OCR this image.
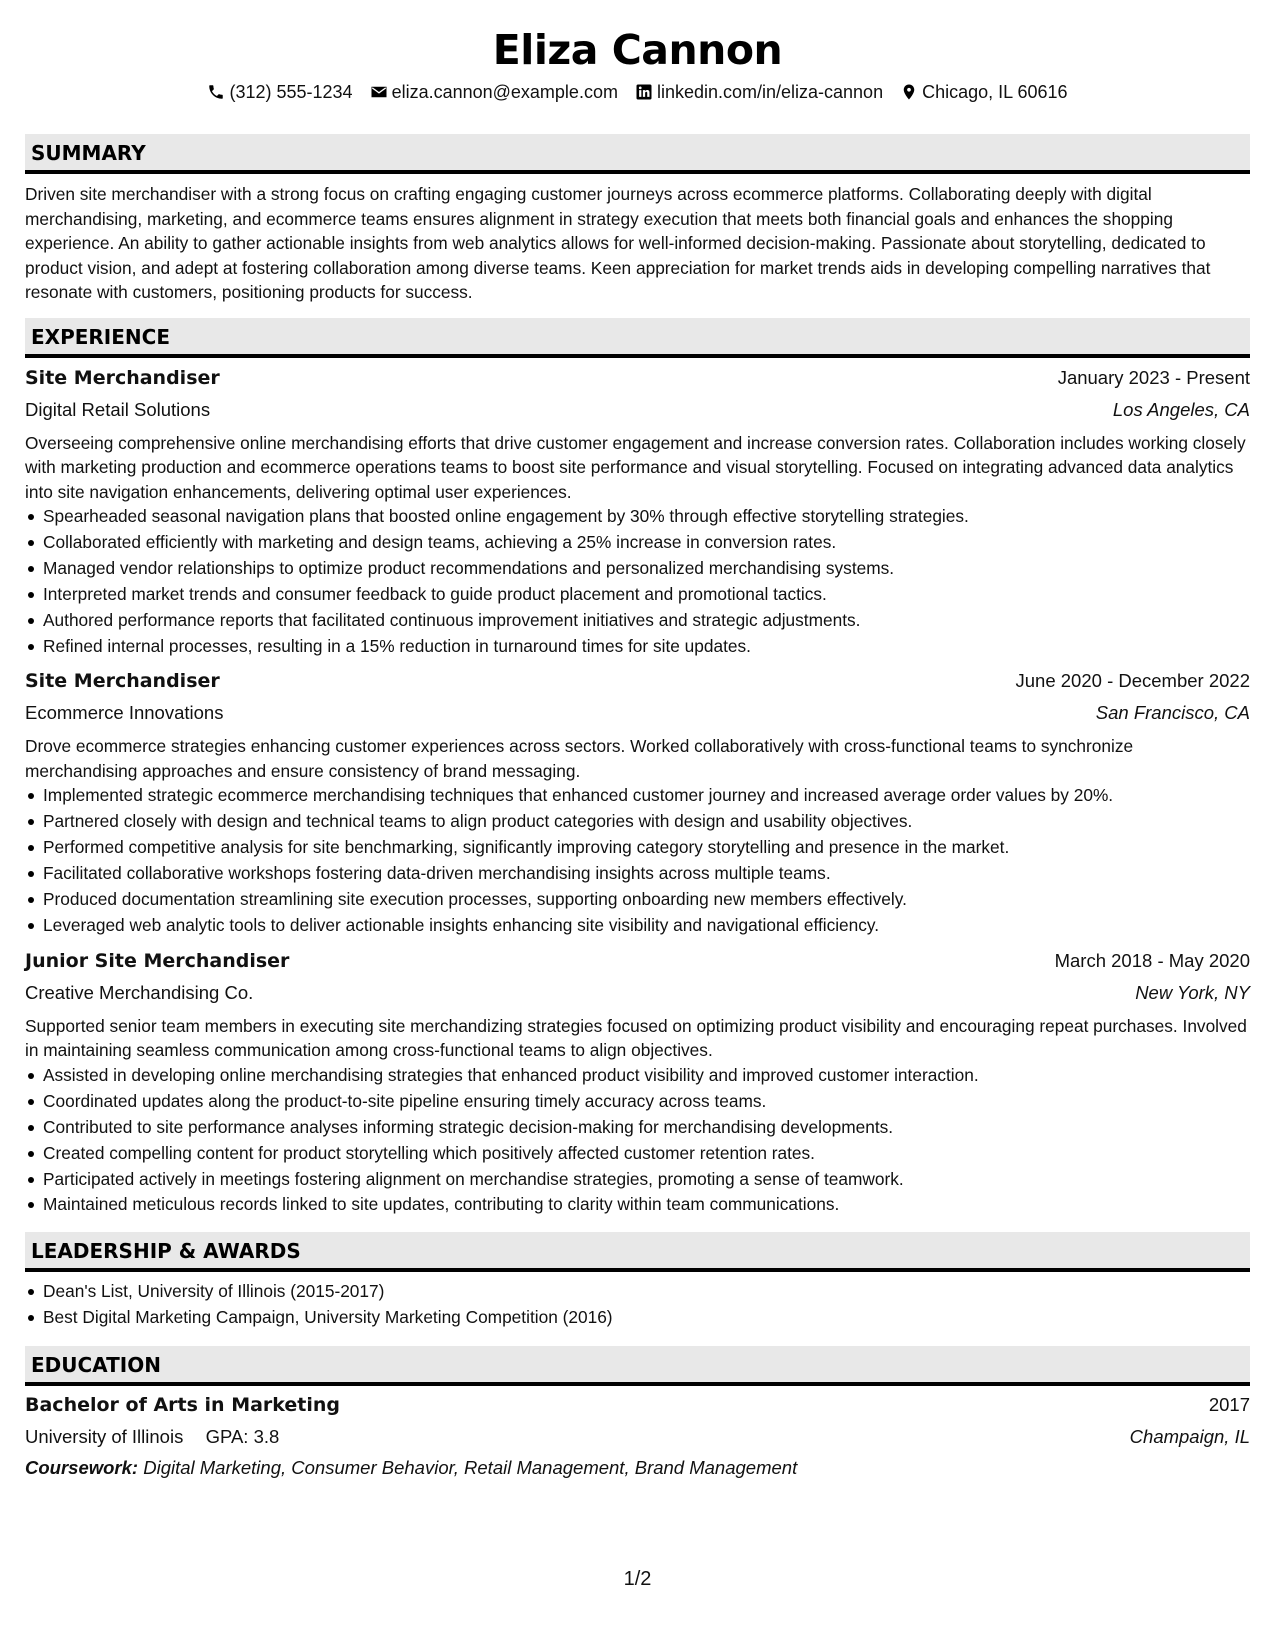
Eliza Cannon
(312) 555-1234 eliza.cannon@example.com linkedin.com/in/eliza-cannon Chicago, IL 60616
SUMMARY

Driven site merchandiser with a strong focus on crafting engaging customer journeys across ecommerce platforms. Collaborating deeply with digital merchandising, marketing, and ecommerce teams ensures alignment in strategy execution that meets both financial goals and enhances the shopping experience. An ability to gather actionable insights from web analytics allows for well-informed decision-making. Passionate about storytelling, dedicated to product vision, and adept at fostering collaboration among diverse teams. Keen appreciation for market trends aids in developing compelling narratives that resonate with customers, positioning products for success.

EXPERIENCE
Site Merchandiser	January 2023 - Present
Digital Retail Solutions	Los Angeles, CA

Overseeing comprehensive online merchandising efforts that drive customer engagement and increase conversion rates. Collaboration includes working closely with marketing production and ecommerce operations teams to boost site performance and visual storytelling. Focused on integrating advanced data analytics into site navigation enhancements, delivering optimal user experiences.

Spearheaded seasonal navigation plans that boosted online engagement by 30% through effective storytelling strategies.
Collaborated efficiently with marketing and design teams, achieving a 25% increase in conversion rates.
Managed vendor relationships to optimize product recommendations and personalized merchandising systems.
Interpreted market trends and consumer feedback to guide product placement and promotional tactics.
Authored performance reports that facilitated continuous improvement initiatives and strategic adjustments.
Refined internal processes, resulting in a 15% reduction in turnaround times for site updates.
Site Merchandiser	June 2020 - December 2022
Ecommerce Innovations	San Francisco, CA

Drove ecommerce strategies enhancing customer experiences across sectors. Worked collaboratively with cross-functional teams to synchronize merchandising approaches and ensure consistency of brand messaging.

Implemented strategic ecommerce merchandising techniques that enhanced customer journey and increased average order values by 20%.
Partnered closely with design and technical teams to align product categories with design and usability objectives.
Performed competitive analysis for site benchmarking, significantly improving category storytelling and presence in the market.
Facilitated collaborative workshops fostering data-driven merchandising insights across multiple teams.
Produced documentation streamlining site execution processes, supporting onboarding new members effectively.
Leveraged web analytic tools to deliver actionable insights enhancing site visibility and navigational efficiency.
Junior Site Merchandiser	March 2018 - May 2020
Creative Merchandising Co.	New York, NY

Supported senior team members in executing site merchandizing strategies focused on optimizing product visibility and encouraging repeat purchases. Involved in maintaining seamless communication among cross-functional teams to align objectives.

Assisted in developing online merchandising strategies that enhanced product visibility and improved customer interaction.
Coordinated updates along the product-to-site pipeline ensuring timely accuracy across teams.
Contributed to site performance analyses informing strategic decision-making for merchandising developments.
Created compelling content for product storytelling which positively affected customer retention rates.
Participated actively in meetings fostering alignment on merchandise strategies, promoting a sense of teamwork.
Maintained meticulous records linked to site updates, contributing to clarity within team communications.
LEADERSHIP & AWARDS
Dean's List, University of Illinois (2015-2017)
Best Digital Marketing Campaign, University Marketing Competition (2016)
EDUCATION
Bachelor of Arts in Marketing	2017
University of Illinois GPA: 3.8	Champaign, IL
Coursework: Digital Marketing, Consumer Behavior, Retail Management, Brand Management
1/2
